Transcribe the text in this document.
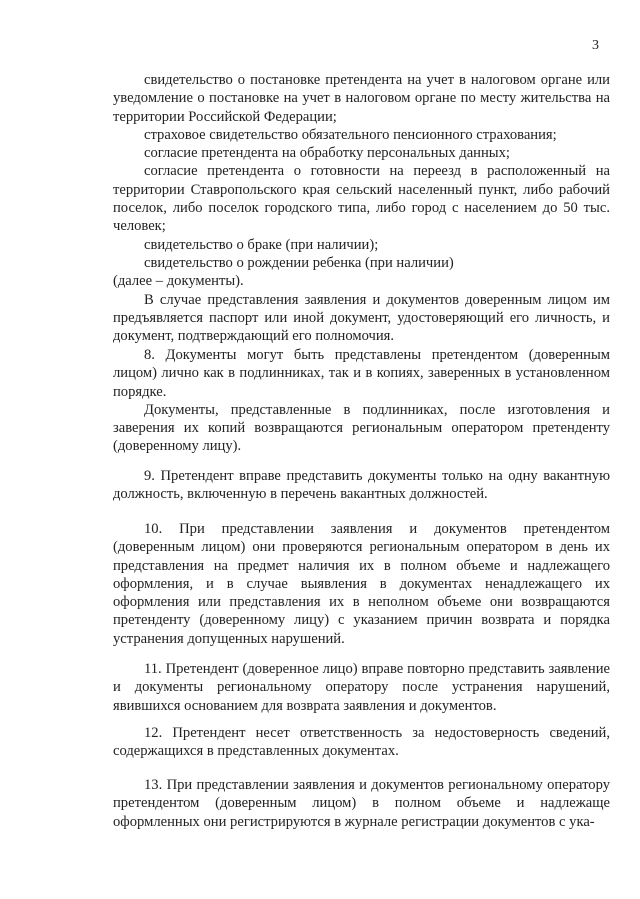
3

свидетельство о постановке претендента на учет в налоговом органе или уведомление о постановке на учет в налоговом органе по месту жительства на территории Российской Федерации;

страховое свидетельство обязательного пенсионного страхования;

согласие претендента на обработку персональных данных;

согласие претендента о готовности на переезд в расположенный на территории Ставропольского края сельский населенный пункт, либо рабочий поселок, либо поселок городского типа, либо город с населением до 50 тыс. человек;

свидетельство о браке (при наличии);

свидетельство о рождении ребенка (при наличии)

(далее – документы).

В случае представления заявления и документов доверенным лицом им предъявляется паспорт или иной документ, удостоверяющий его личность, и документ, подтверждающий его полномочия.

8. Документы могут быть представлены претендентом (доверенным лицом) лично как в подлинниках, так и в копиях, заверенных в установленном порядке.

Документы, представленные в подлинниках, после изготовления и заверения их копий возвращаются региональным оператором претенденту (доверенному лицу).

9. Претендент вправе представить документы только на одну вакантную должность, включенную в перечень вакантных должностей.

10. При представлении заявления и документов претендентом (доверенным лицом) они проверяются региональным оператором в день их представления на предмет наличия их в полном объеме и надлежащего оформления, и в случае выявления в документах ненадлежащего их оформления или представления их в неполном объеме они возвращаются претенденту (доверенному лицу) с указанием причин возврата и порядка устранения допущенных нарушений.

11. Претендент (доверенное лицо) вправе повторно представить заявление и документы региональному оператору после устранения нарушений, явившихся основанием для возврата заявления и документов.

12. Претендент несет ответственность за недостоверность сведений, содержащихся в представленных документах.

13. При представлении заявления и документов региональному оператору претендентом (доверенным лицом) в полном объеме и надлежаще оформленных они регистрируются в журнале регистрации документов с ука-
